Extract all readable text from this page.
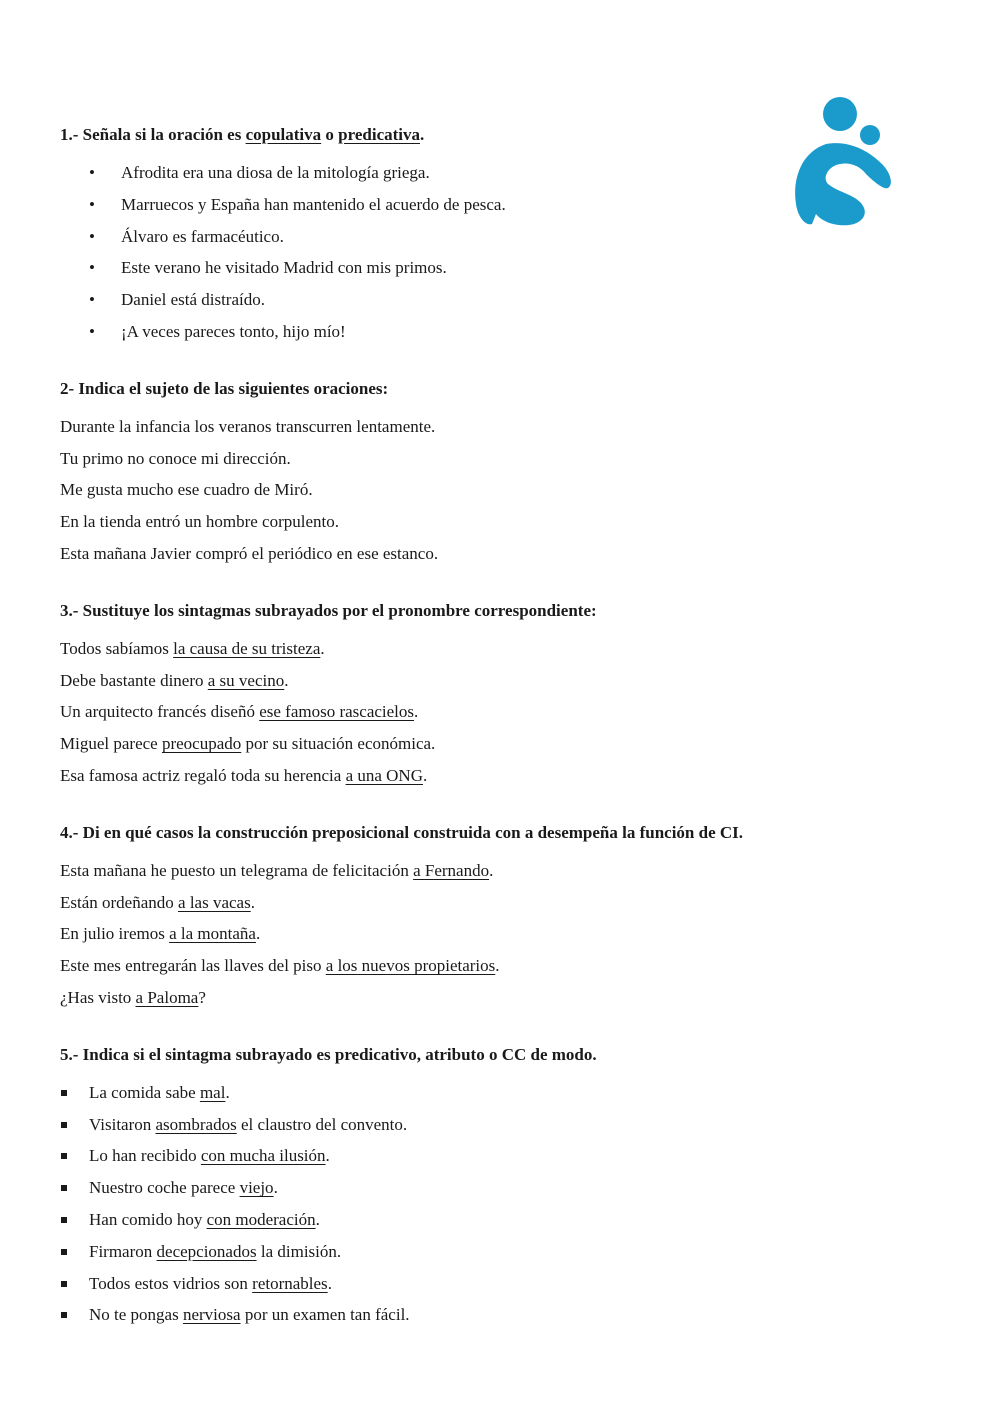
1.- Señala si la oración es copulativa o predicativa.

• Afrodita era una diosa de la mitología griega.

• Marruecos y España han mantenido el acuerdo de pesca.

• Álvaro es farmacéutico.

• Este verano he visitado Madrid con mis primos.

• Daniel está distraído.

• ¡A veces pareces tonto, hijo mío!

2- Indica el sujeto de las siguientes oraciones:

Durante la infancia los veranos transcurren lentamente.

Tu primo no conoce mi dirección.

Me gusta mucho ese cuadro de Miró.

En la tienda entró un hombre corpulento.

Esta mañana Javier compró el periódico en ese estanco.

3.- Sustituye los sintagmas subrayados por el pronombre correspondiente:

Todos sabíamos la causa de su tristeza.

Debe bastante dinero a su vecino.

Un arquitecto francés diseñó ese famoso rascacielos.

Miguel parece preocupado por su situación económica.

Esa famosa actriz regaló toda su herencia a una ONG.

4.- Di en qué casos la construcción preposicional construida con a desempeña la función de CI.

Esta mañana he puesto un telegrama de felicitación a Fernando.

Están ordeñando a las vacas.

En julio iremos a la montaña.

Este mes entregarán las llaves del piso a los nuevos propietarios.

¿Has visto a Paloma?

5.- Indica si el sintagma subrayado es predicativo, atributo o CC de modo.

La comida sabe mal.

Visitaron asombrados el claustro del convento.

Lo han recibido con mucha ilusión.

Nuestro coche parece viejo.

Han comido hoy con moderación.

Firmaron decepcionados la dimisión.

Todos estos vidrios son retornables.

No te pongas nerviosa por un examen tan fácil.
